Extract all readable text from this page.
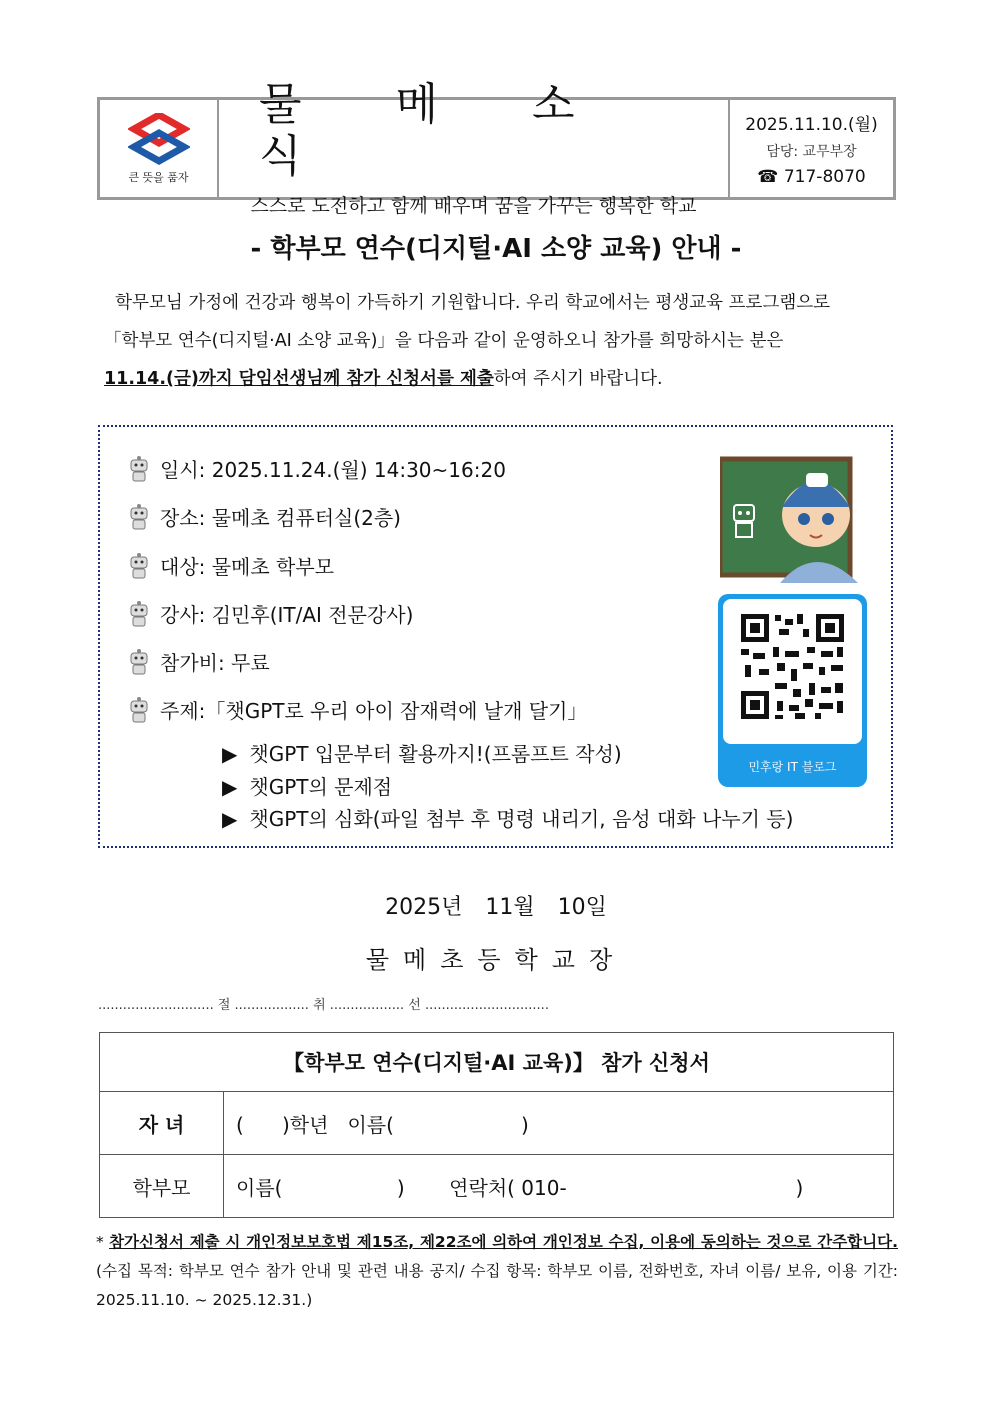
큰 뜻을 품자
물 메 소 식
스스로 도전하고 함께 배우며 꿈을 가꾸는 행복한 학교
2025.11.10.(월)
담당: 교무부장
☎ 717-8070
- 학부모 연수(디지털·AI 소양 교육) 안내 -
학무모님 가정에 건강과 행복이 가득하기 기원합니다. 우리 학교에서는 평생교육 프로그램으로
「학부모 연수(디지털·AI 소양 교육)」을 다음과 같이 운영하오니 참가를 희망하시는 분은
11.14.(금)까지 담임선생님께 참가 신청서를 제출하여 주시기 바랍니다.
일시: 2025.11.24.(월) 14:30~16:20
장소: 물메초 컴퓨터실(2층)
대상: 물메초 학부모
강사: 김민후(IT/AI 전문강사)
참가비: 무료
주제:「챗GPT로 우리 아이 잠재력에 날개 달기」
▶ 챗GPT 입문부터 활용까지!(프롬프트 작성)
▶ 챗GPT의 문제점
▶ 챗GPT의 심화(파일 첨부 후 명령 내리기, 음성 대화 나누기 등)
민후랑 IT 블로그
2025년 11월 10일
물메초등학교장
............................ 절 .................. 취 .................. 선 ..............................
【학부모 연수(디지털·AI 교육)】 참가 신청서	
자 녀	(      )학년   이름(                    )
학부모	이름(                  )       연락처( 010-                                    )
* 참가신청서 제출 시 개인정보보호법 제15조, 제22조에 의하여 개인정보 수집, 이용에 동의하는 것으로 간주합니다.(수집 목적: 학부모 연수 참가 안내 및 관련 내용 공지/ 수집 항목: 학부모 이름, 전화번호, 자녀 이름/ 보유, 이용 기간: 2025.11.10. ~ 2025.12.31.)
